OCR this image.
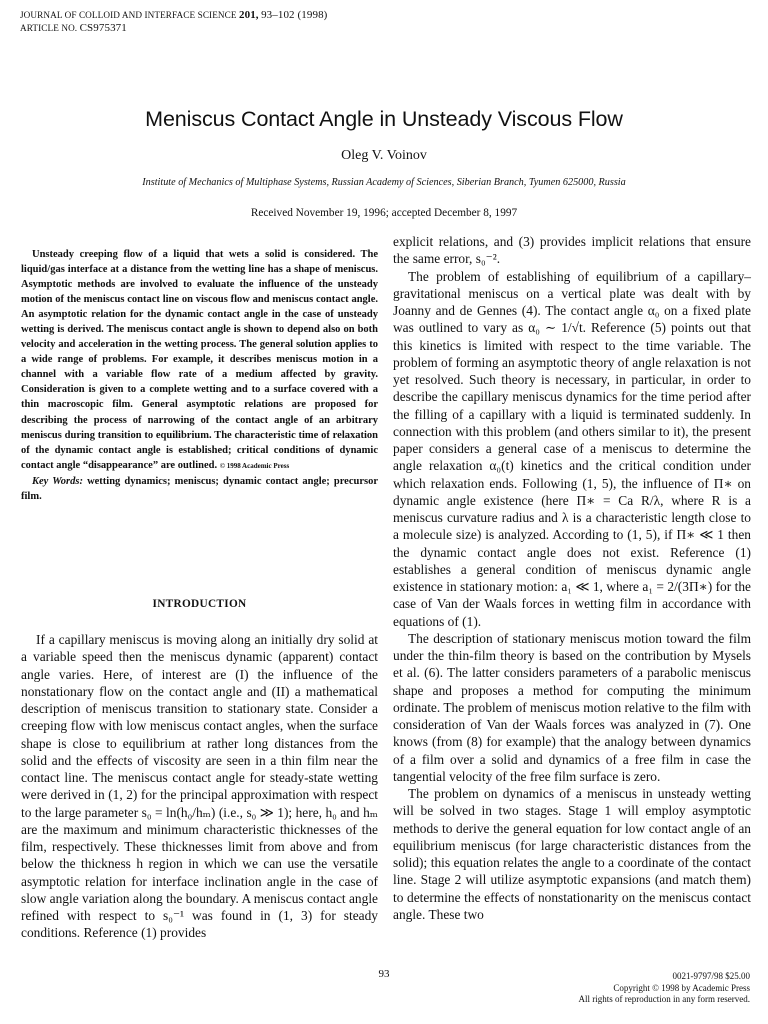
JOURNAL OF COLLOID AND INTERFACE SCIENCE 201, 93–102 (1998)
ARTICLE NO. CS975371
Meniscus Contact Angle in Unsteady Viscous Flow
Oleg V. Voinov
Institute of Mechanics of Multiphase Systems, Russian Academy of Sciences, Siberian Branch, Tyumen 625000, Russia
Received November 19, 1996; accepted December 8, 1997

Unsteady creeping flow of a liquid that wets a solid is considered. The liquid/gas interface at a distance from the wetting line has a shape of meniscus. Asymptotic methods are involved to evaluate the influence of the unsteady motion of the meniscus contact line on viscous flow and meniscus contact angle. An asymptotic relation for the dynamic contact angle in the case of unsteady wetting is derived. The meniscus contact angle is shown to depend also on both velocity and acceleration in the wetting process. The general solution applies to a wide range of problems. For example, it describes meniscus motion in a channel with a variable flow rate of a medium affected by gravity. Consideration is given to a complete wetting and to a surface covered with a thin macroscopic film. General asymptotic relations are proposed for describing the process of narrowing of the contact angle of an arbitrary meniscus during transition to equilibrium. The characteristic time of relaxation of the dynamic contact angle is established; critical conditions of dynamic contact angle “disappearance” are outlined. © 1998 Academic Press

Key Words: wetting dynamics; meniscus; dynamic contact angle; precursor film.

INTRODUCTION

If a capillary meniscus is moving along an initially dry solid at a variable speed then the meniscus dynamic (apparent) contact angle varies. Here, of interest are (I) the influence of the nonstationary flow on the contact angle and (II) a mathematical description of meniscus transition to stationary state. Consider a creeping flow with low meniscus contact angles, when the surface shape is close to equilibrium at rather long distances from the solid and the effects of viscosity are seen in a thin film near the contact line. The meniscus contact angle for steady-state wetting were derived in (1, 2) for the principal approximation with respect to the large parameter s₀ = ln(h₀/hₘ) (i.e., s₀ ≫ 1); here, h₀ and hₘ are the maximum and minimum characteristic thicknesses of the film, respectively. These thicknesses limit from above and from below the thickness h region in which we can use the versatile asymptotic relation for interface inclination angle in the case of slow angle variation along the boundary. A meniscus contact angle refined with respect to s₀⁻¹ was found in (1, 3) for steady conditions. Reference (1) provides

explicit relations, and (3) provides implicit relations that ensure the same error, s₀⁻².

The problem of establishing of equilibrium of a capillary–gravitational meniscus on a vertical plate was dealt with by Joanny and de Gennes (4). The contact angle α₀ on a fixed plate was outlined to vary as α₀ ∼ 1/√t. Reference (5) points out that this kinetics is limited with respect to the time variable. The problem of forming an asymptotic theory of angle relaxation is not yet resolved. Such theory is necessary, in particular, in order to describe the capillary meniscus dynamics for the time period after the filling of a capillary with a liquid is terminated suddenly. In connection with this problem (and others similar to it), the present paper considers a general case of a meniscus to determine the angle relaxation α₀(t) kinetics and the critical condition under which relaxation ends. Following (1, 5), the influence of Π∗ on dynamic angle existence (here Π∗ = Ca R/λ, where R is a meniscus curvature radius and λ is a characteristic length close to a molecule size) is analyzed. According to (1, 5), if Π∗ ≪ 1 then the dynamic contact angle does not exist. Reference (1) establishes a general condition of meniscus dynamic angle existence in stationary motion: a₁ ≪ 1, where a₁ = 2/(3Π∗) for the case of Van der Waals forces in wetting film in accordance with equations of (1).

The description of stationary meniscus motion toward the film under the thin-film theory is based on the contribution by Mysels et al. (6). The latter considers parameters of a parabolic meniscus shape and proposes a method for computing the minimum ordinate. The problem of meniscus motion relative to the film with consideration of Van der Waals forces was analyzed in (7). One knows (from (8) for example) that the analogy between dynamics of a film over a solid and dynamics of a free film in case the tangential velocity of the free film surface is zero.

The problem on dynamics of a meniscus in unsteady wetting will be solved in two stages. Stage 1 will employ asymptotic methods to derive the general equation for low contact angle of an equilibrium meniscus (for large characteristic distances from the solid); this equation relates the angle to a coordinate of the contact line. Stage 2 will utilize asymptotic expansions (and match them) to determine the effects of nonstationarity on the meniscus contact angle. These two

93	0021-9797/98 $25.00
Copyright © 1998 by Academic Press
All rights of reproduction in any form reserved.
